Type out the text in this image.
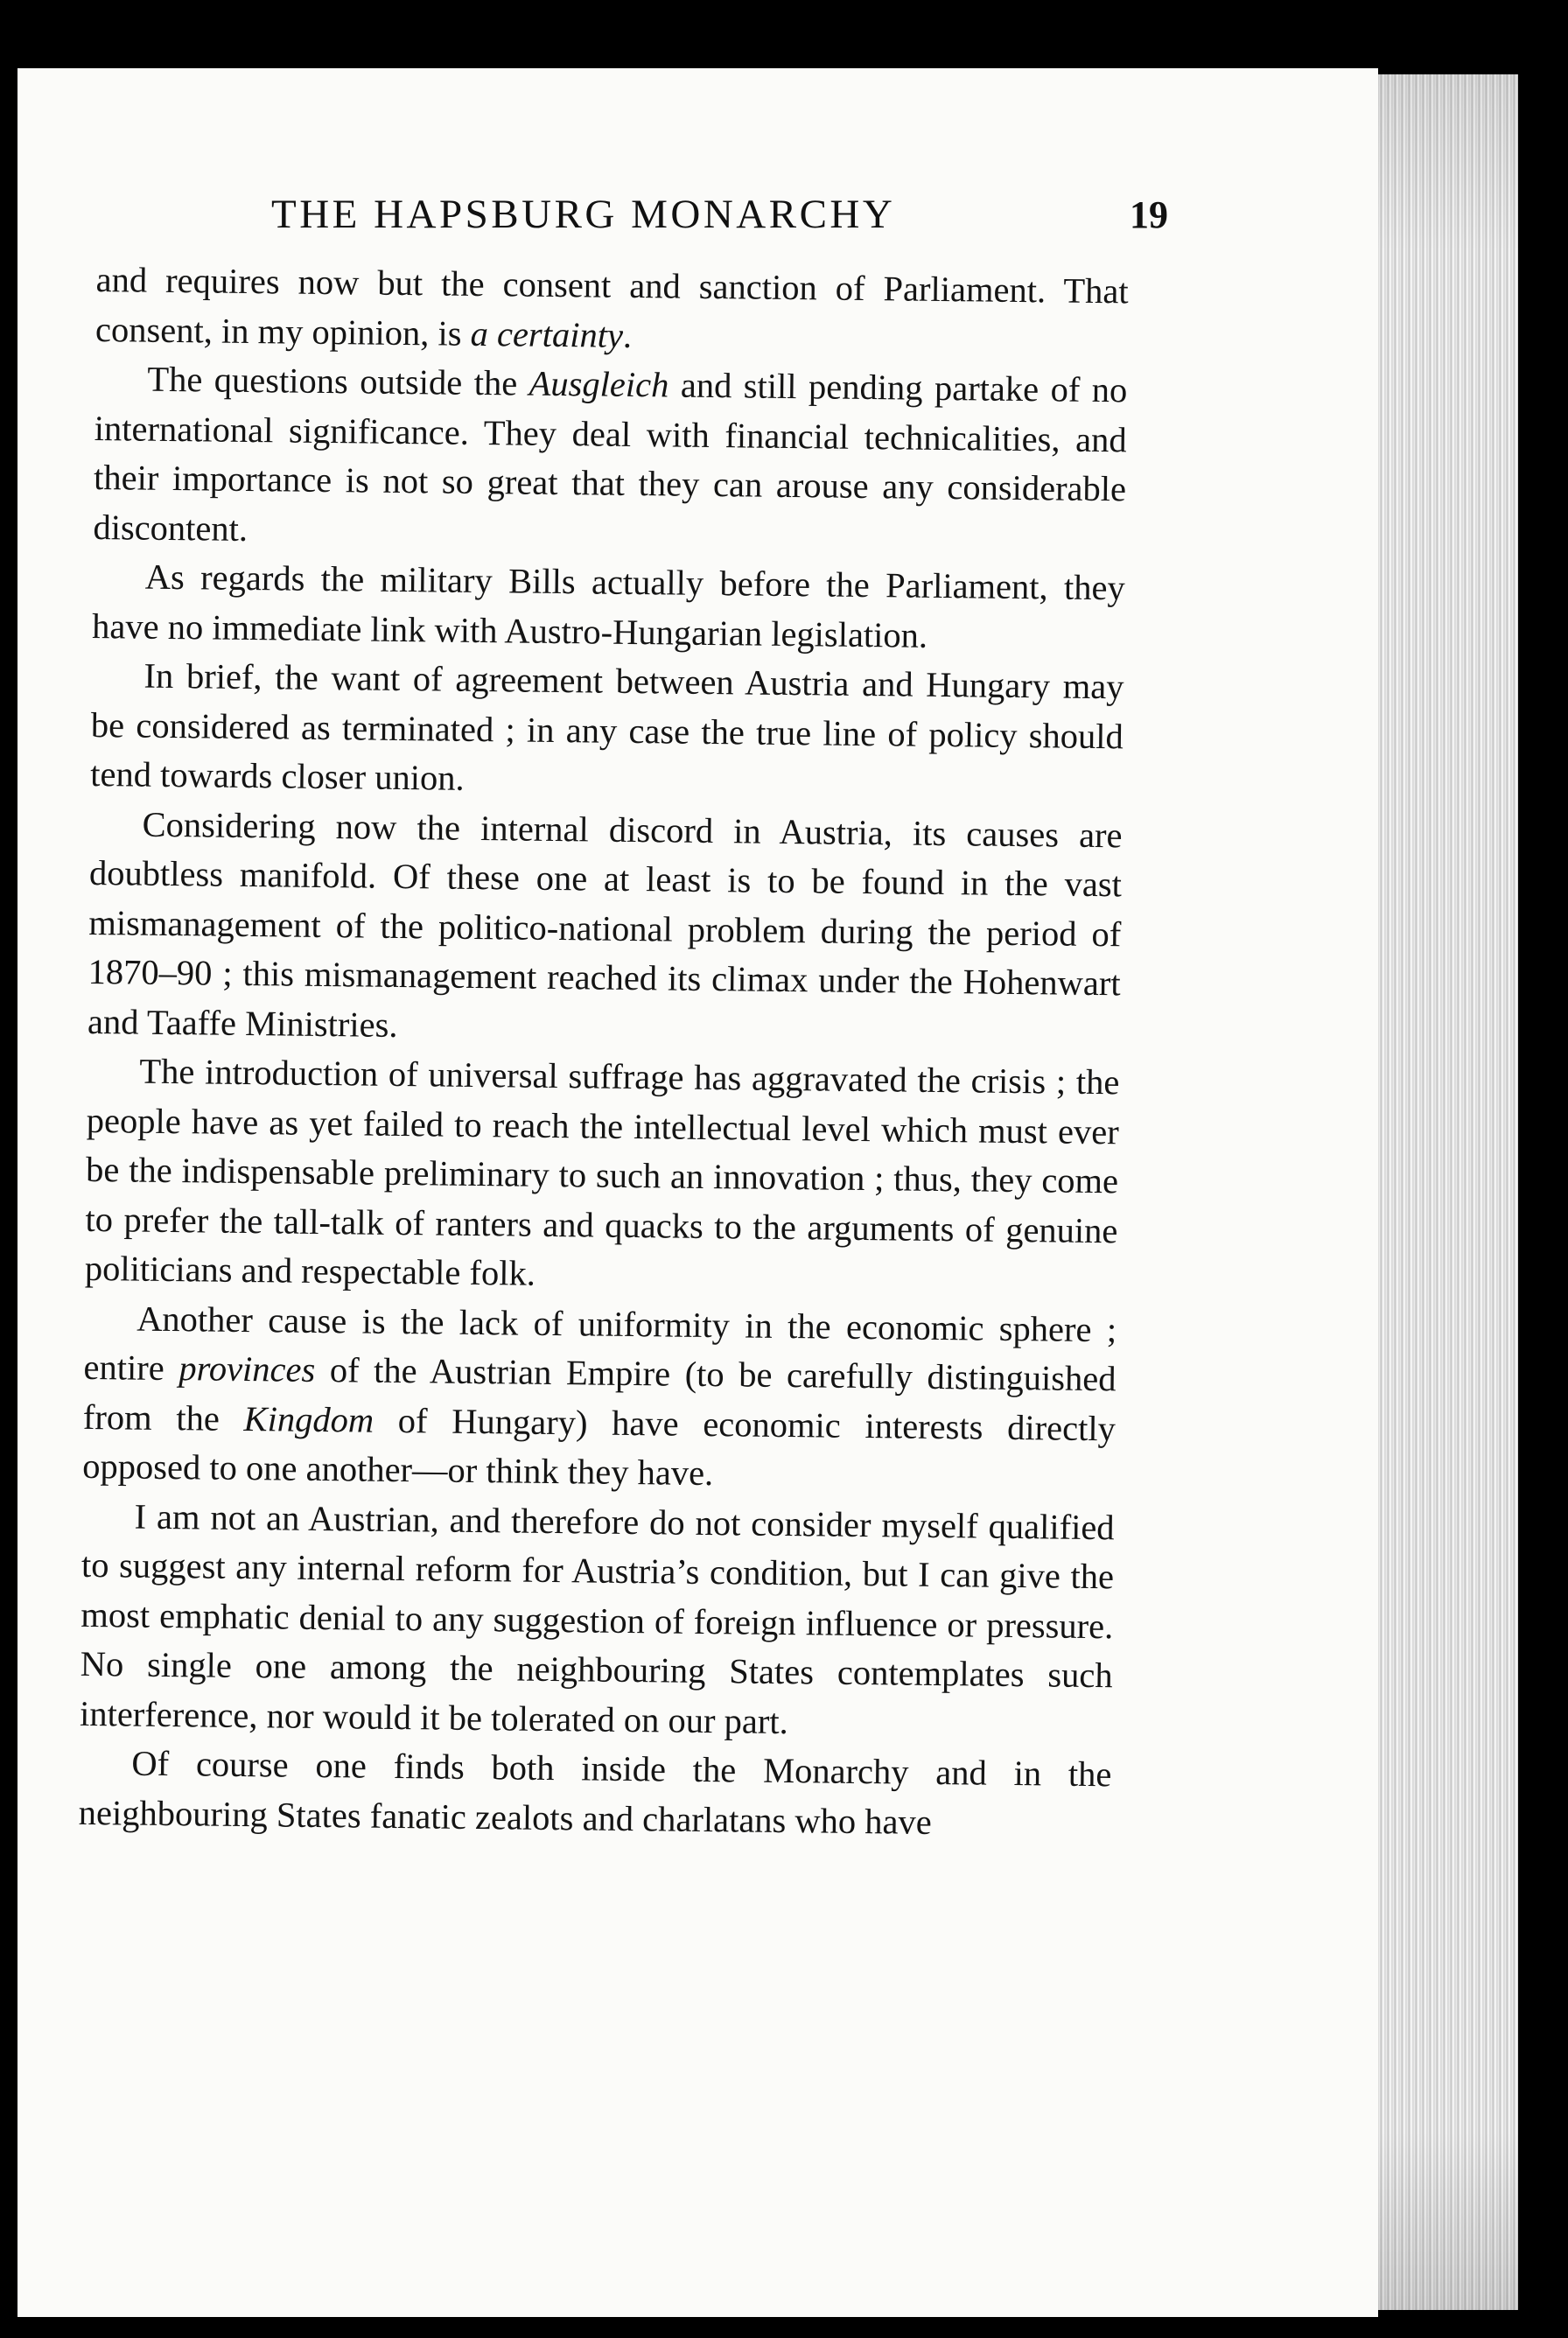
THE HAPSBURG MONARCHY	19

and requires now but the consent and sanction of Parliament. That consent, in my opinion, is a certainty.

The questions outside the Ausgleich and still pending partake of no international significance. They deal with financial technicalities, and their importance is not so great that they can arouse any considerable discontent.

As regards the military Bills actually before the Parliament, they have no immediate link with Austro-Hungarian legislation.

In brief, the want of agreement between Austria and Hungary may be considered as terminated ; in any case the true line of policy should tend towards closer union.

Considering now the internal discord in Austria, its causes are doubtless manifold. Of these one at least is to be found in the vast mismanagement of the politico-national problem during the period of 1870–90 ; this mismanagement reached its climax under the Hohenwart and Taaffe Ministries.

The introduction of universal suffrage has aggravated the crisis ; the people have as yet failed to reach the intellectual level which must ever be the indispensable preliminary to such an innovation ; thus, they come to prefer the tall-talk of ranters and quacks to the arguments of genuine politicians and respectable folk.

Another cause is the lack of uniformity in the economic sphere ; entire provinces of the Austrian Empire (to be carefully distinguished from the Kingdom of Hungary) have economic interests directly opposed to one another—or think they have.

I am not an Austrian, and therefore do not consider myself qualified to suggest any internal reform for Austria’s condition, but I can give the most emphatic denial to any suggestion of foreign influence or pressure. No single one among the neighbouring States contemplates such interference, nor would it be tolerated on our part.

Of course one finds both inside the Monarchy and in the neighbouring States fanatic zealots and charlatans who have
